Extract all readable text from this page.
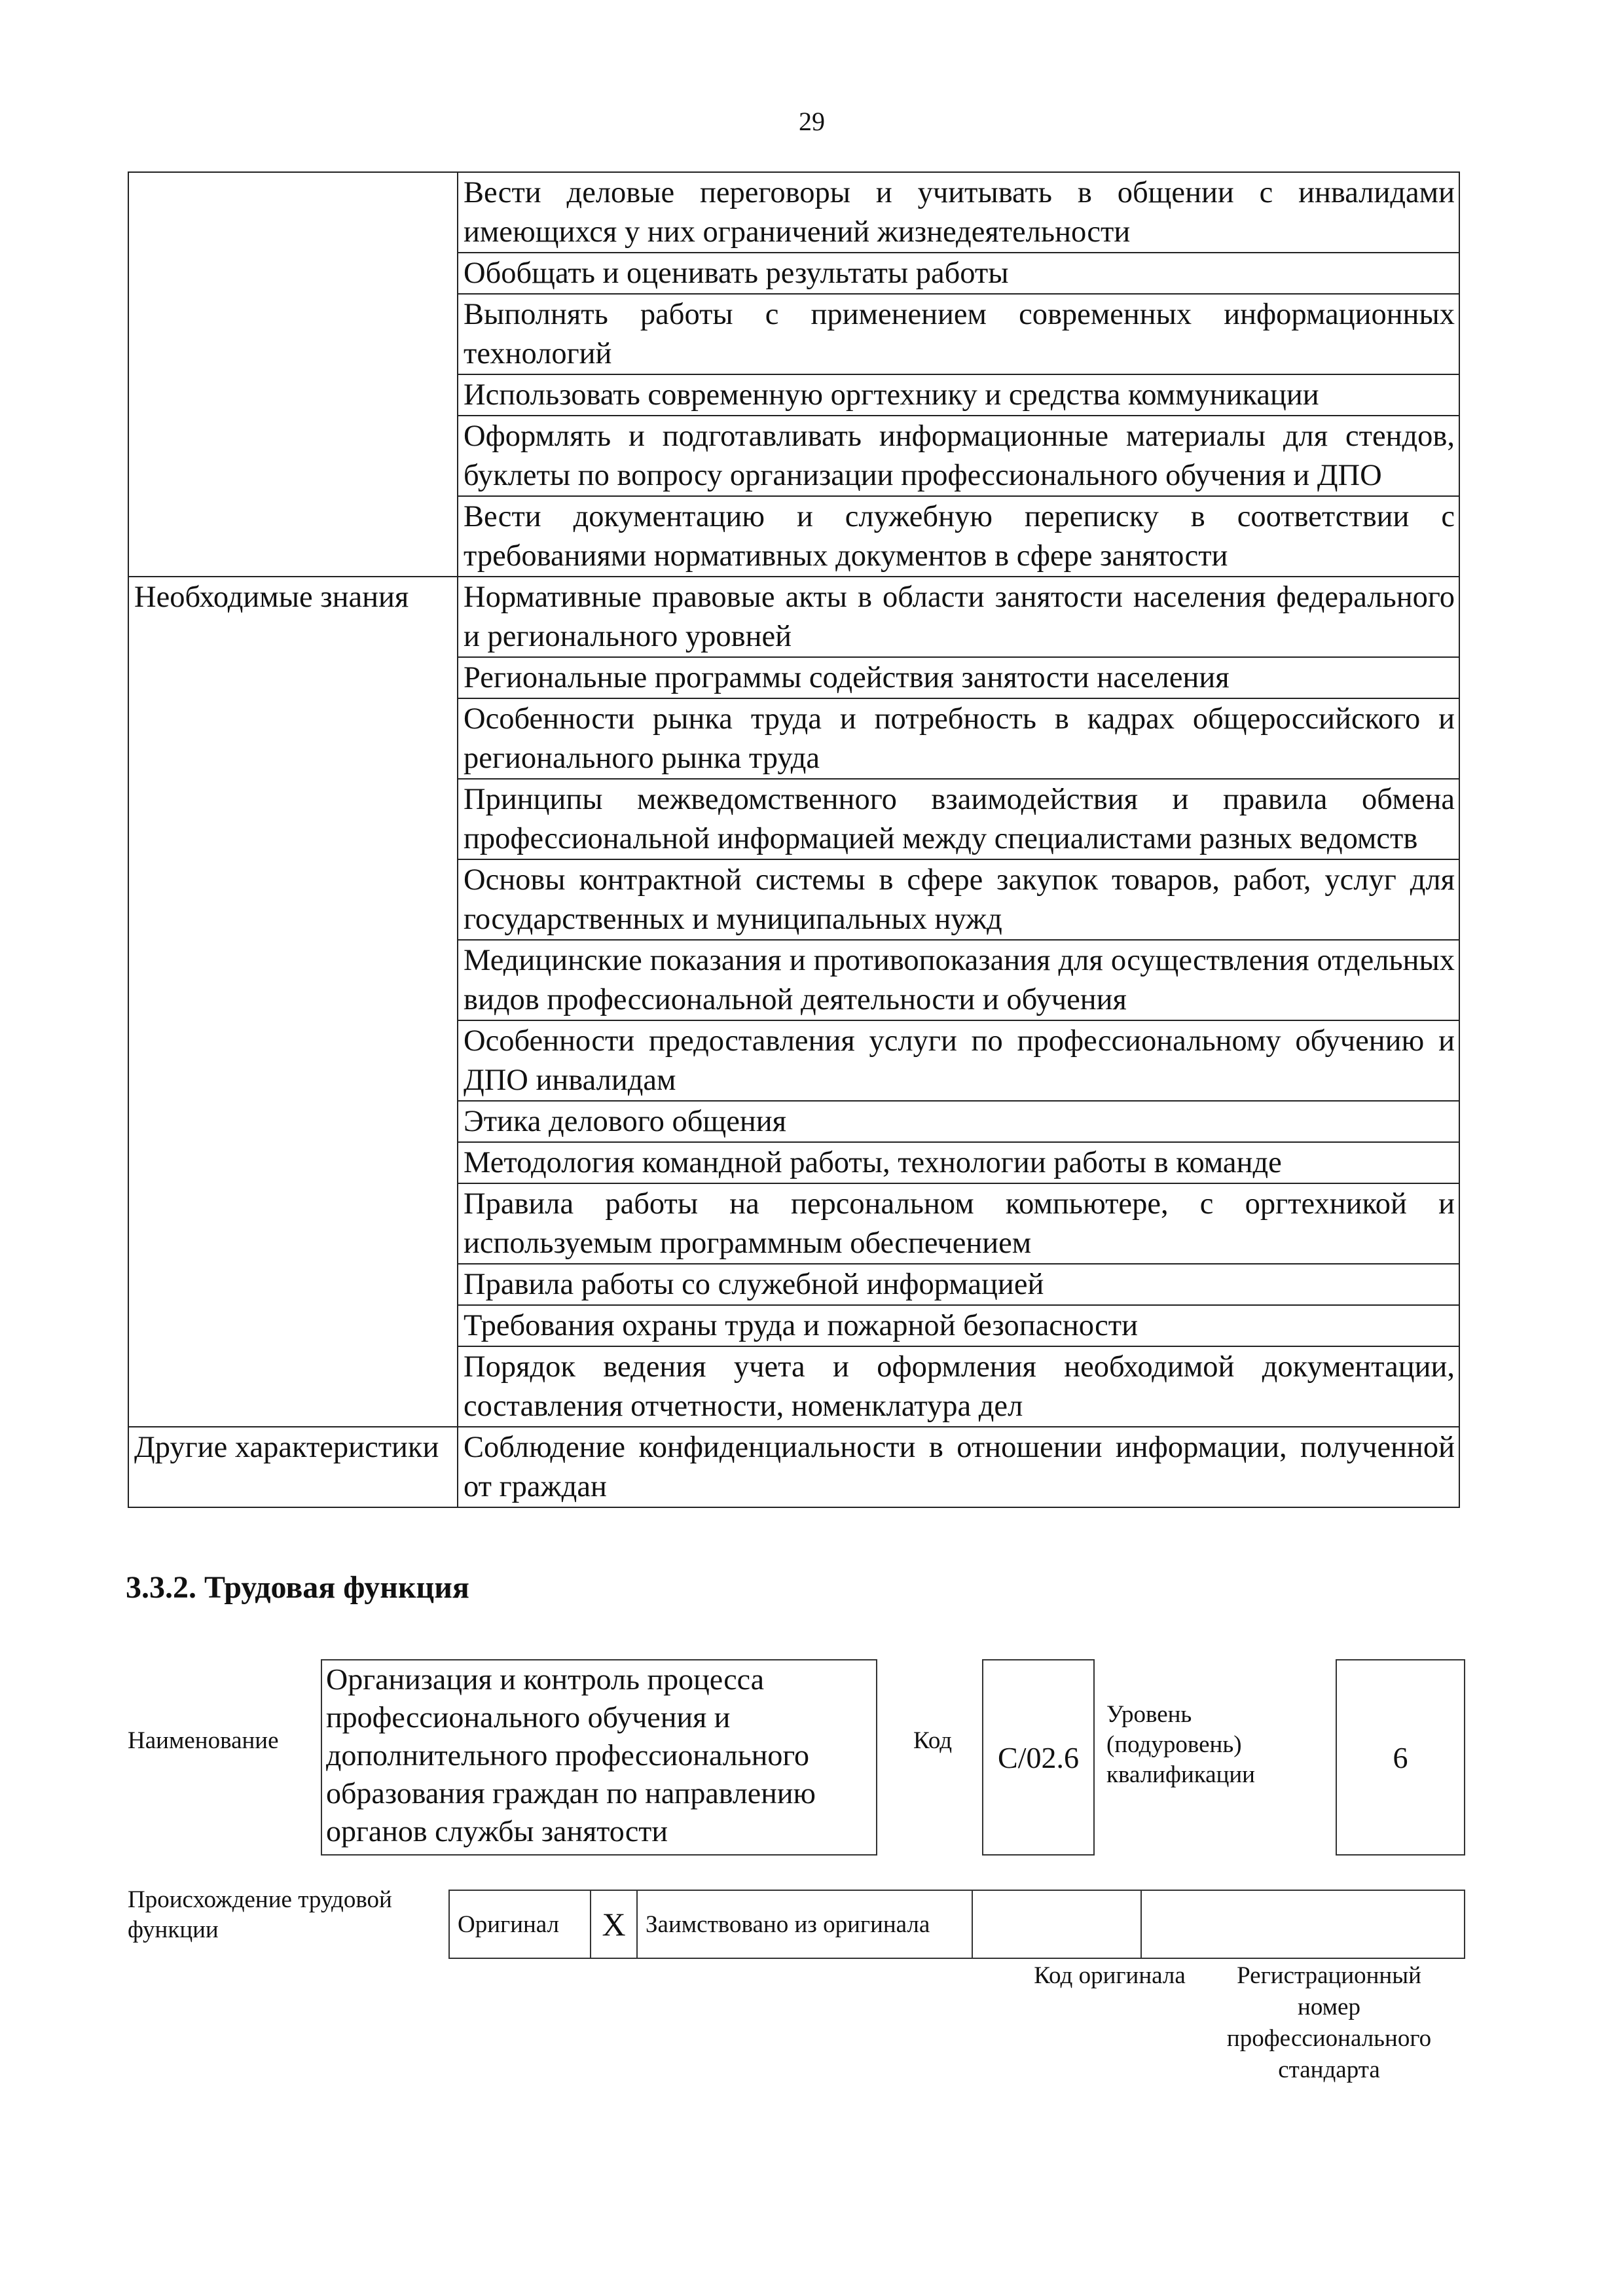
29
	Вести деловые переговоры и учитывать в общении с инвалидами имеющихся у них ограничений жизнедеятельности
	Обобщать и оценивать результаты работы
	Выполнять работы с применением современных информационных технологий
	Использовать современную оргтехнику и средства коммуникации
	Оформлять и подготавливать информационные материалы для стендов, буклеты по вопросу организации профессионального обучения и ДПО
	Вести документацию и служебную переписку в соответствии с требованиями нормативных документов в сфере занятости
Необходимые знания	Нормативные правовые акты в области занятости населения федерального и регионального уровней
	Региональные программы содействия занятости населения
	Особенности рынка труда и потребность в кадрах общероссийского и регионального рынка труда
	Принципы межведомственного взаимодействия и правила обмена профессиональной информацией между специалистами разных ведомств
	Основы контрактной системы в сфере закупок товаров, работ, услуг для государственных и муниципальных нужд
	Медицинские показания и противопоказания для осуществления отдельных видов профессиональной деятельности и обучения
	Особенности предоставления услуги по профессиональному обучению и ДПО инвалидам
	Этика делового общения
	Методология командной работы, технологии работы в команде
	Правила работы на персональном компьютере, с оргтехникой и используемым программным обеспечением
	Правила работы со служебной информацией
	Требования охраны труда и пожарной безопасности
	Порядок ведения учета и оформления необходимой документации, составления отчетности, номенклатура дел
Другие характеристики	Соблюдение конфиденциальности в отношении информации, полученной от граждан
3.3.2. Трудовая функция
Наименование
Организация и контроль процесса профессионального обучения и дополнительного профессионального образования граждан по направлению органов службы занятости
Код	C/02.6
Уровень (подуровень) квалификации
6
Происхождение трудовой функции	Оригинал	X	Заимствовано из оригинала		
Код оригинала	Регистрационный номер профессионального стандарта
